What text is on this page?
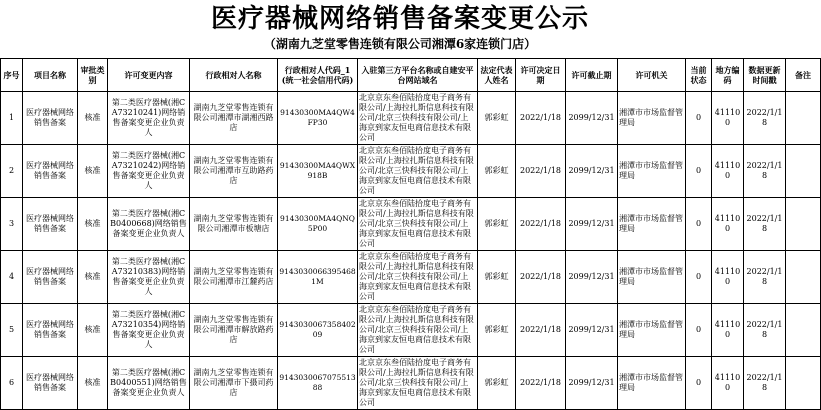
医疗器械网络销售备案变更公示
（湖南九芝堂零售连锁有限公司湘潭6家连锁门店）
序号	项目名称	审批类别	许可变更内容	行政相对人名称	行政相对人代码_1(统一社会信用代码)	入驻第三方平台名称或自建安平台网站域名	法定代表人姓名	许可决定日期	许可截止期	许可机关	当前状态	地方编码	数据更新时间戳	备注
1	医疗器械网络销售备案	核准	第二类医疗器械(湘CA73210241)网络销售备案变更企业负责人	湖南九芝堂零售连锁有限公司湘潭市湖湘西路店	91430300MA4QW4FP30	北京京东叁佰陆拾度电子商务有限公司/上海拉扎斯信息科技有限公司/北京三快科技有限公司/上海京到家友恒电商信息技术有限公司	郭彩虹	2022/1/18	2099/12/31	湘潭市市场监督管理局	0	411100	2022/1/18	
2	医疗器械网络销售备案	核准	第二类医疗器械(湘CA73210242)网络销售备案变更企业负责人	湖南九芝堂零售连锁有限公司湘潭市互助路药店	91430300MA4QWX918B	北京京东叁佰陆拾度电子商务有限公司/上海拉扎斯信息科技有限公司/北京三快科技有限公司/上海京到家友恒电商信息技术有限公司	郭彩虹	2022/1/18	2099/12/31	湘潭市市场监督管理局	0	411100	2022/1/18	
3	医疗器械网络销售备案	核准	第二类医疗器械(湘CB0400668)网络销售备案变更企业负责人	湖南九芝堂零售连锁有限公司湘潭市板塘店	91430300MA4QNQ5P00	北京京东叁佰陆拾度电子商务有限公司/上海拉扎斯信息科技有限公司/北京三快科技有限公司/上海京到家友恒电商信息技术有限公司	郭彩虹	2022/1/18	2099/12/31	湘潭市市场监督管理局	0	411100	2022/1/18	
4	医疗器械网络销售备案	核准	第二类医疗器械(湘CA73210383)网络销售备案变更企业负责人	湖南九芝堂零售连锁有限公司湘潭市江麓药店	91430300663954681M	北京京东叁佰陆拾度电子商务有限公司/上海拉扎斯信息科技有限公司/北京三快科技有限公司/上海京到家友恒电商信息技术有限公司	郭彩虹	2022/1/18	2099/12/31	湘潭市市场监督管理局	0	411100	2022/1/18	
5	医疗器械网络销售备案	核准	第二类医疗器械(湘CA73210354)网络销售备案变更企业负责人	湖南九芝堂零售连锁有限公司湘潭市解放路药店	914303006735840209	北京京东叁佰陆拾度电子商务有限公司/上海拉扎斯信息科技有限公司/北京三快科技有限公司/上海京到家友恒电商信息技术有限公司	郭彩虹	2022/1/18	2099/12/31	湘潭市市场监督管理局	0	411100	2022/1/18	
6	医疗器械网络销售备案	核准	第二类医疗器械(湘CB0400551)网络销售备案变更企业负责人	湖南九芝堂零售连锁有限公司湘潭市下摄司药店	914303006707551388	北京京东叁佰陆拾度电子商务有限公司/上海拉扎斯信息科技有限公司/北京三快科技有限公司/上海京到家友恒电商信息技术有限公司	郭彩虹	2022/1/18	2099/12/31	湘潭市市场监督管理局	0	411100	2022/1/18	
